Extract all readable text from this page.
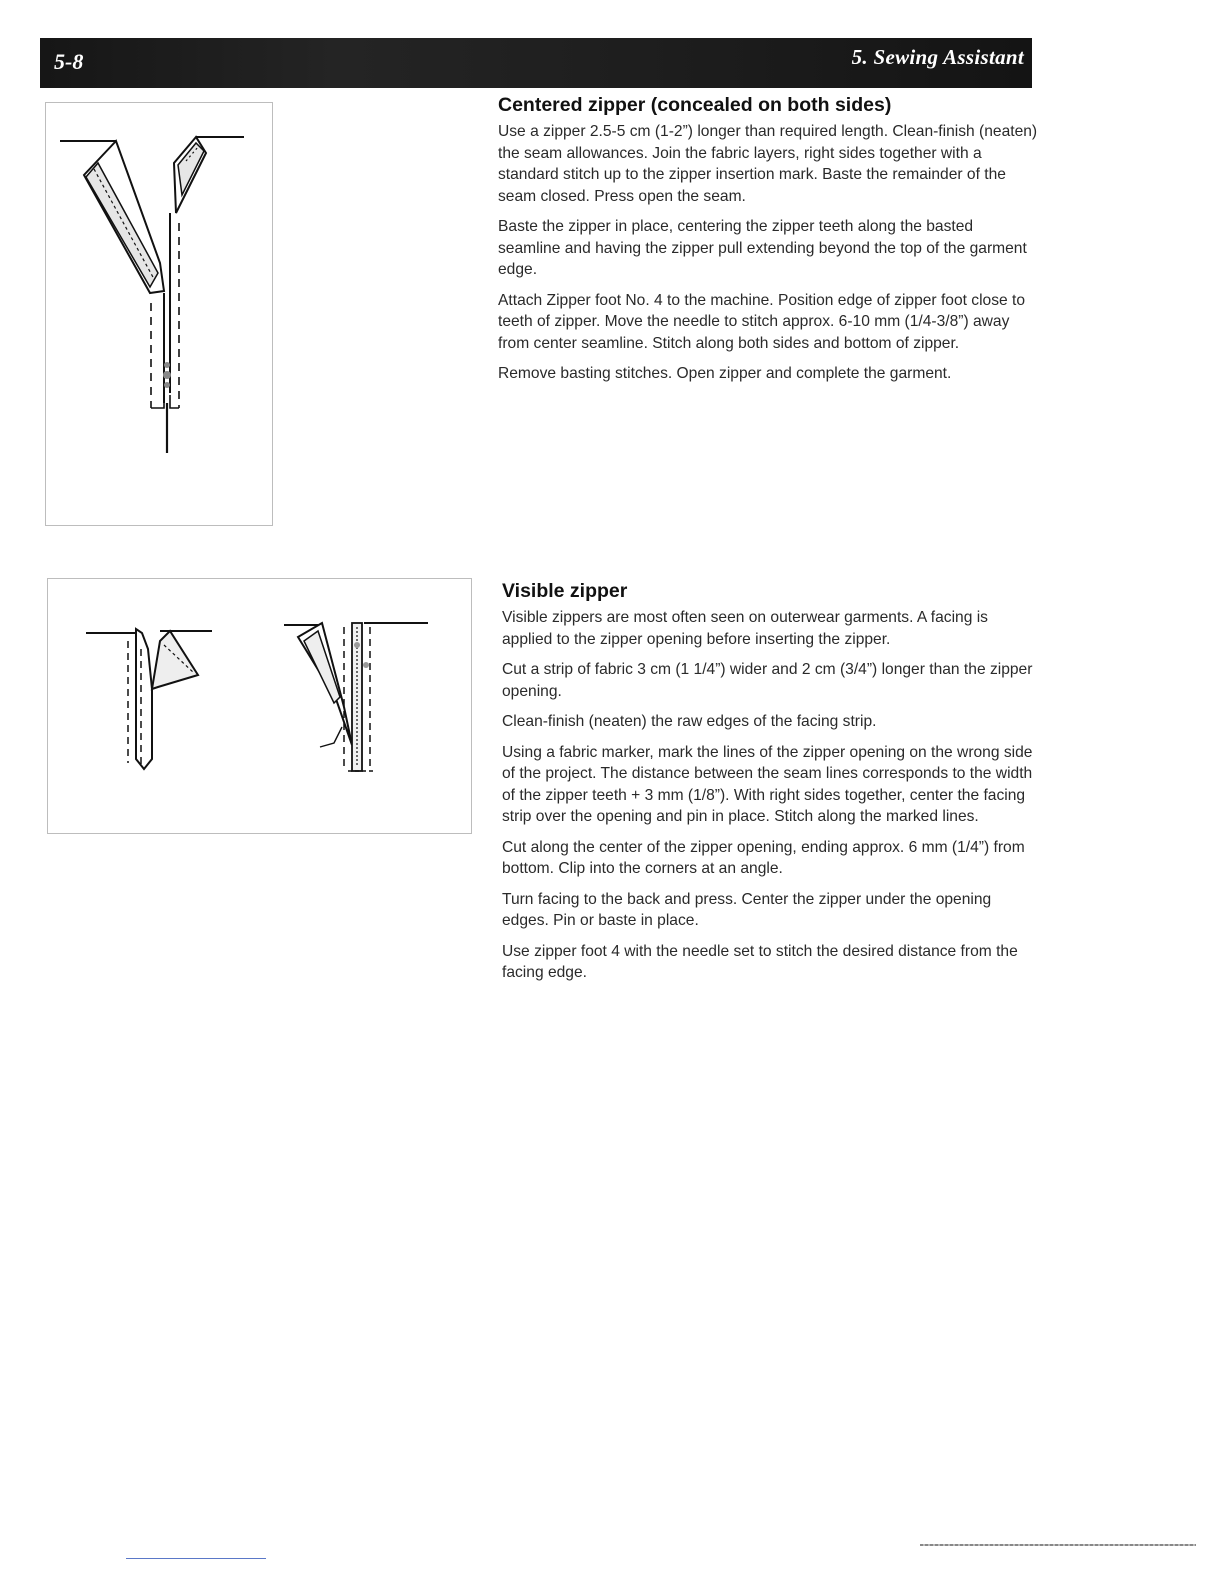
5-8	5. Sewing Assistant
Centered zipper (concealed on both sides)

Use a zipper 2.5-5 cm (1-2”) longer than required length. Clean-finish (neaten) the seam allowances. Join the fabric layers, right sides together with a standard stitch up to the zipper insertion mark. Baste the remainder of the seam closed. Press open the seam.

Baste the zipper in place, centering the zipper teeth along the basted seamline and having the zipper pull extending beyond the top of the garment edge.

Attach Zipper foot No. 4 to the machine. Position edge of zipper foot close to teeth of zipper. Move the needle to stitch approx. 6-10 mm (1/4-3/8”) away from center seamline. Stitch along both sides and bottom of zipper.

Remove basting stitches. Open zipper and complete the garment.

Visible zipper

Visible zippers are most often seen on outerwear garments. A facing is applied to the zipper opening before inserting the zipper.

Cut a strip of fabric 3 cm (1 1/4”) wider and 2 cm (3/4”) longer than the zipper opening.

Clean-finish (neaten) the raw edges of the facing strip.

Using a fabric marker, mark the lines of the zipper opening on the wrong side of the project. The distance between the seam lines corresponds to the width of the zipper teeth + 3 mm (1/8”). With right sides together, center the facing strip over the opening and pin in place. Stitch along the marked lines.

Cut along the center of the zipper opening, ending approx. 6 mm (1/4”) from bottom. Clip into the corners at an angle.

Turn facing to the back and press. Center the zipper under the opening edges. Pin or baste in place.

Use zipper foot 4 with the needle set to stitch the desired distance from the facing edge.
